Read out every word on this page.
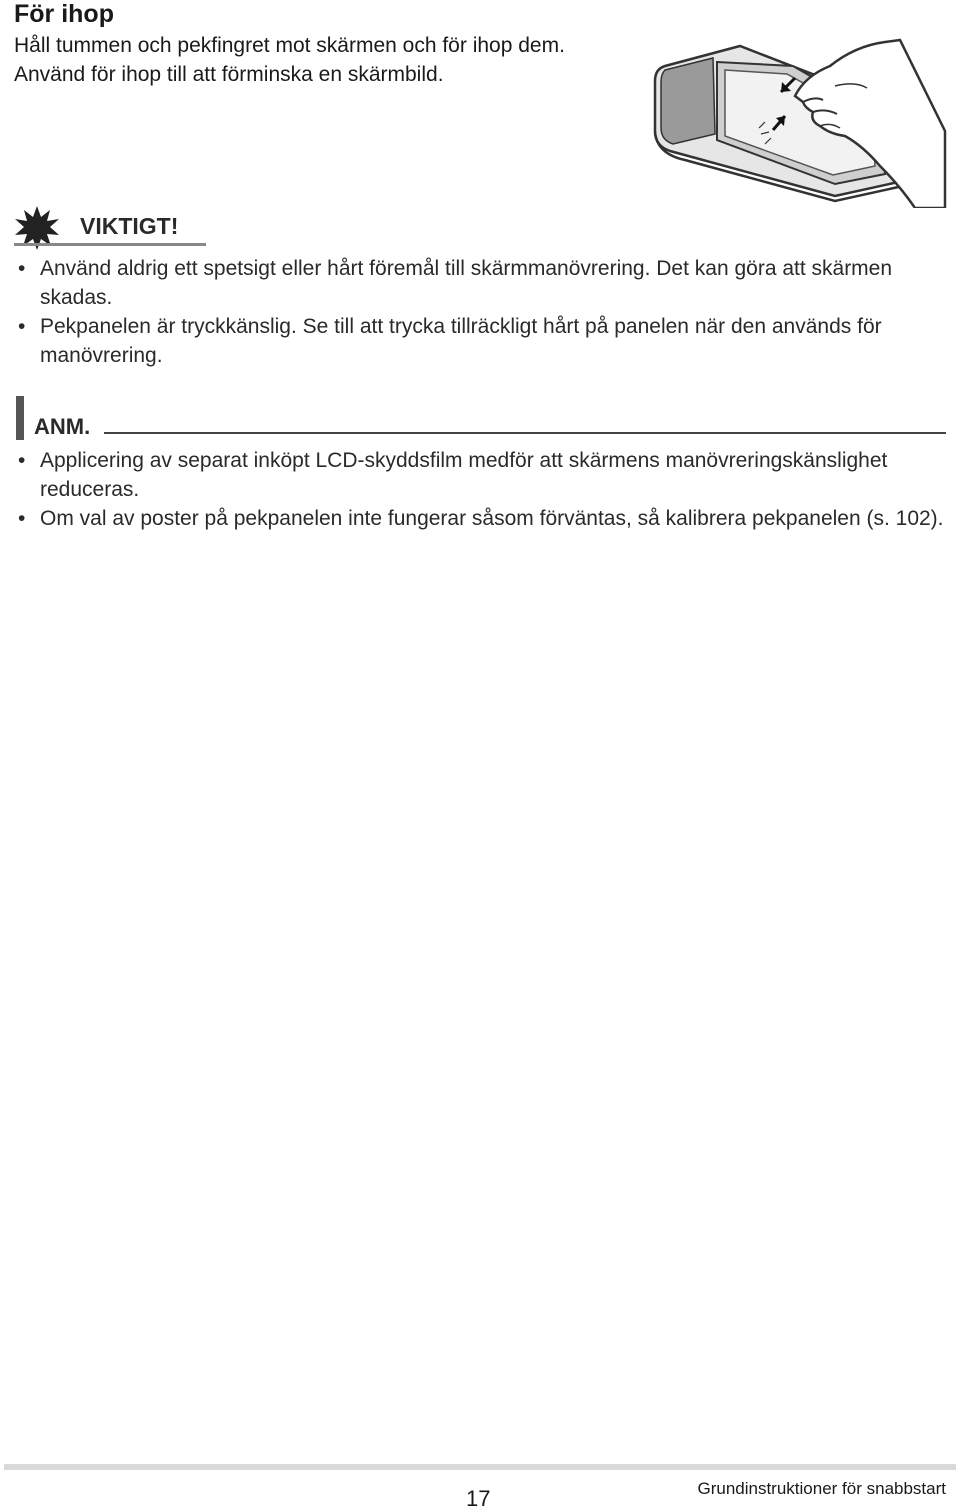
För ihop

Håll tummen och pekfingret mot skärmen och för ihop dem.

Använd för ihop till att förminska en skärmbild.

VIKTIGT!
• Använd aldrig ett spetsigt eller hårt föremål till skärmmanövrering. Det kan göra att skärmen skadas.
• Pekpanelen är tryckkänslig. Se till att trycka tillräckligt hårt på panelen när den används för manövrering.
ANM.
• Applicering av separat inköpt LCD-skyddsfilm medför att skärmens manövreringskänslighet reduceras.
• Om val av poster på pekpanelen inte fungerar såsom förväntas, så kalibrera pekpanelen (s. 102).
17	Grundinstruktioner för snabbstart
